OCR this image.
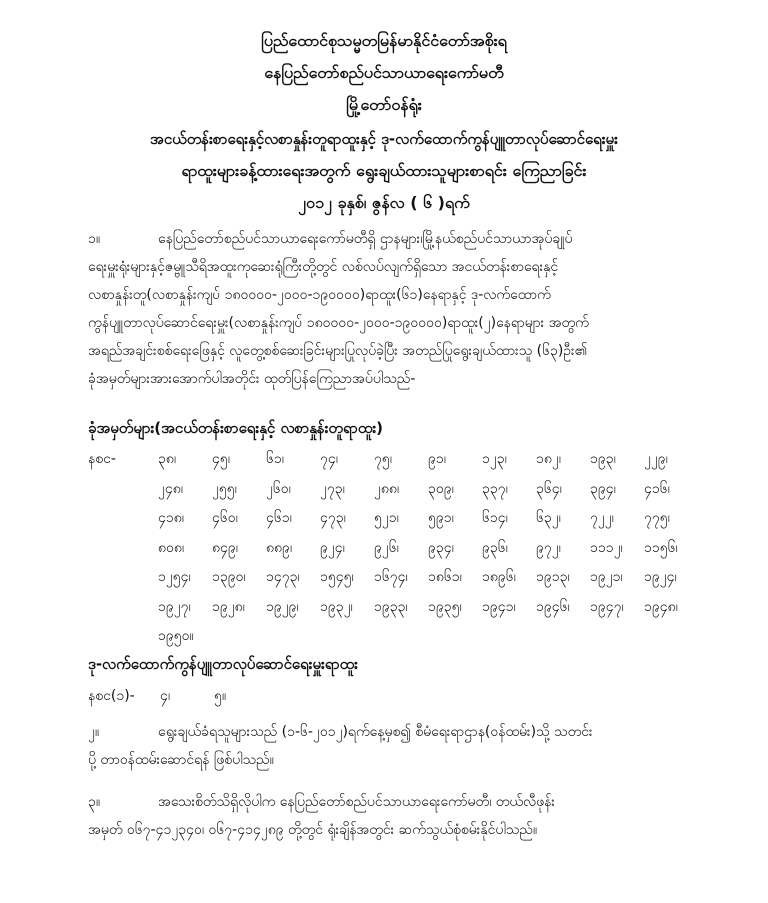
ပြည်ထောင်စုသမ္မတမြန်မာနိုင်ငံတော်အစိုးရ
နေပြည်တော်စည်ပင်သာယာရေးကော်မတီ
မြို့တော်ဝန်ရုံး
အငယ်တန်းစာရေးနှင့်လစာနှုန်းတူရာထူးနှင့် ဒု-လက်ထောက်ကွန်ပျူတာလုပ်ဆောင်ရေးမှူး
ရာထူးများခန့်ထားရေးအတွက် ရွေးချယ်ထားသူများစာရင်း ကြေညာခြင်း
၂၀၁၂ ခုနှစ်၊ ဇွန်လ ( ၆ )ရက်
၁။	နေပြည်တော်စည်ပင်သာယာရေးကော်မတီရှိ ဌာနများ၊မြို့နယ်စည်ပင်သာယာအုပ်ချုပ်
ရေးမှူးရုံးများနှင့်ဇမ္ဗူသီရိအထူးကုဆေးရုံကြီးတို့တွင် လစ်လပ်လျက်ရှိသော အငယ်တန်းစာရေးနှင့်
လစာနှုန်းတူ(လစာနှုန်းကျပ် ၁၈၀၀၀၀-၂၀၀၀-၁၉၀၀၀၀)ရာထူး(၆၁)နေရာနှင့် ဒု-လက်ထောက်
ကွန်ပျူတာလုပ်ဆောင်ရေးမှူး(လစာနှုန်းကျပ် ၁၈၀၀၀၀-၂၀၀၀-၁၉၀၀၀၀)ရာထူး(၂)နေရာများ အတွက်
အရည်အချင်းစစ်ရေးဖြေနှင့် လူတွေ့စစ်ဆေးခြင်းများပြုလုပ်ခဲ့ပြီး အတည်ပြုရွေးချယ်ထားသူ (၆၃)ဦး၏
ခုံအမှတ်များအားအောက်ပါအတိုင်း ထုတ်ပြန်ကြေညာအပ်ပါသည်-
ခုံအမှတ်များ(အငယ်တန်းစာရေးနှင့် လစာနှုန်းတူရာထူး)
နစင-	၃၈၊	၄၅၊	၆၁၊	၇၄၊	၇၅၊	၉၁၊	၁၂၃၊	၁၈၂၊	၁၉၃၊	၂၂၉၊
၂၄၈၊	၂၅၅၊	၂၆၀၊	၂၇၃၊	၂၈၈၊	၃၀၉၊	၃၃၇၊	၃၆၄၊	၃၉၄၊	၄၁၆၊
၄၁၈၊	၄၆၀၊	၄၆၁၊	၄၇၃၊	၅၂၁၊	၅၉၁၊	၆၁၄၊	၆၃၂၊	၇၂၂၊	၇၇၅၊
၈၀၈၊	၈၄၉၊	၈၈၉၊	၉၂၄၊	၉၂၆၊	၉၃၄၊	၉၃၆၊	၉၇၂၊	၁၁၁၂၊	၁၁၅၆၊
၁၂၅၄၊	၁၃၉၀၊	၁၄၇၃၊	၁၅၄၅၊	၁၆၇၄၊	၁၈၆၁၊	၁၈၉၆၊	၁၉၁၃၊	၁၉၂၁၊	၁၉၂၄၊
၁၉၂၇၊	၁၉၂၈၊	၁၉၂၉၊	၁၉၃၂၊	၁၉၃၃၊	၁၉၃၅၊	၁၉၄၁၊	၁၉၄၆၊	၁၉၄၇၊	၁၉၄၈၊
၁၉၅၀။
ဒု-လက်ထောက်ကွန်ပျူတာလုပ်ဆောင်ရေးမှူးရာထူး
နစင(၁)- ၄၊	၅။
၂။	ရွေးချယ်ခံရသူများသည် (၁-၆-၂၀၁၂)ရက်နေ့မှစ၍ စီမံရေးရာဌာန(ဝန်ထမ်း)သို့ သတင်း
ပို့ တာဝန်ထမ်းဆောင်ရန် ဖြစ်ပါသည်။
၃။	အသေးစိတ်သိရှိလိုပါက နေပြည်တော်စည်ပင်သာယာရေးကော်မတီ၊ တယ်လီဖုန်း
အမှတ် ၀၆၇-၄၁၂၃၄၀၊ ၀၆၇-၄၁၄၂၈၉ တို့တွင် ရုံးချိန်အတွင်း ဆက်သွယ်စုံစမ်းနိုင်ပါသည်။
